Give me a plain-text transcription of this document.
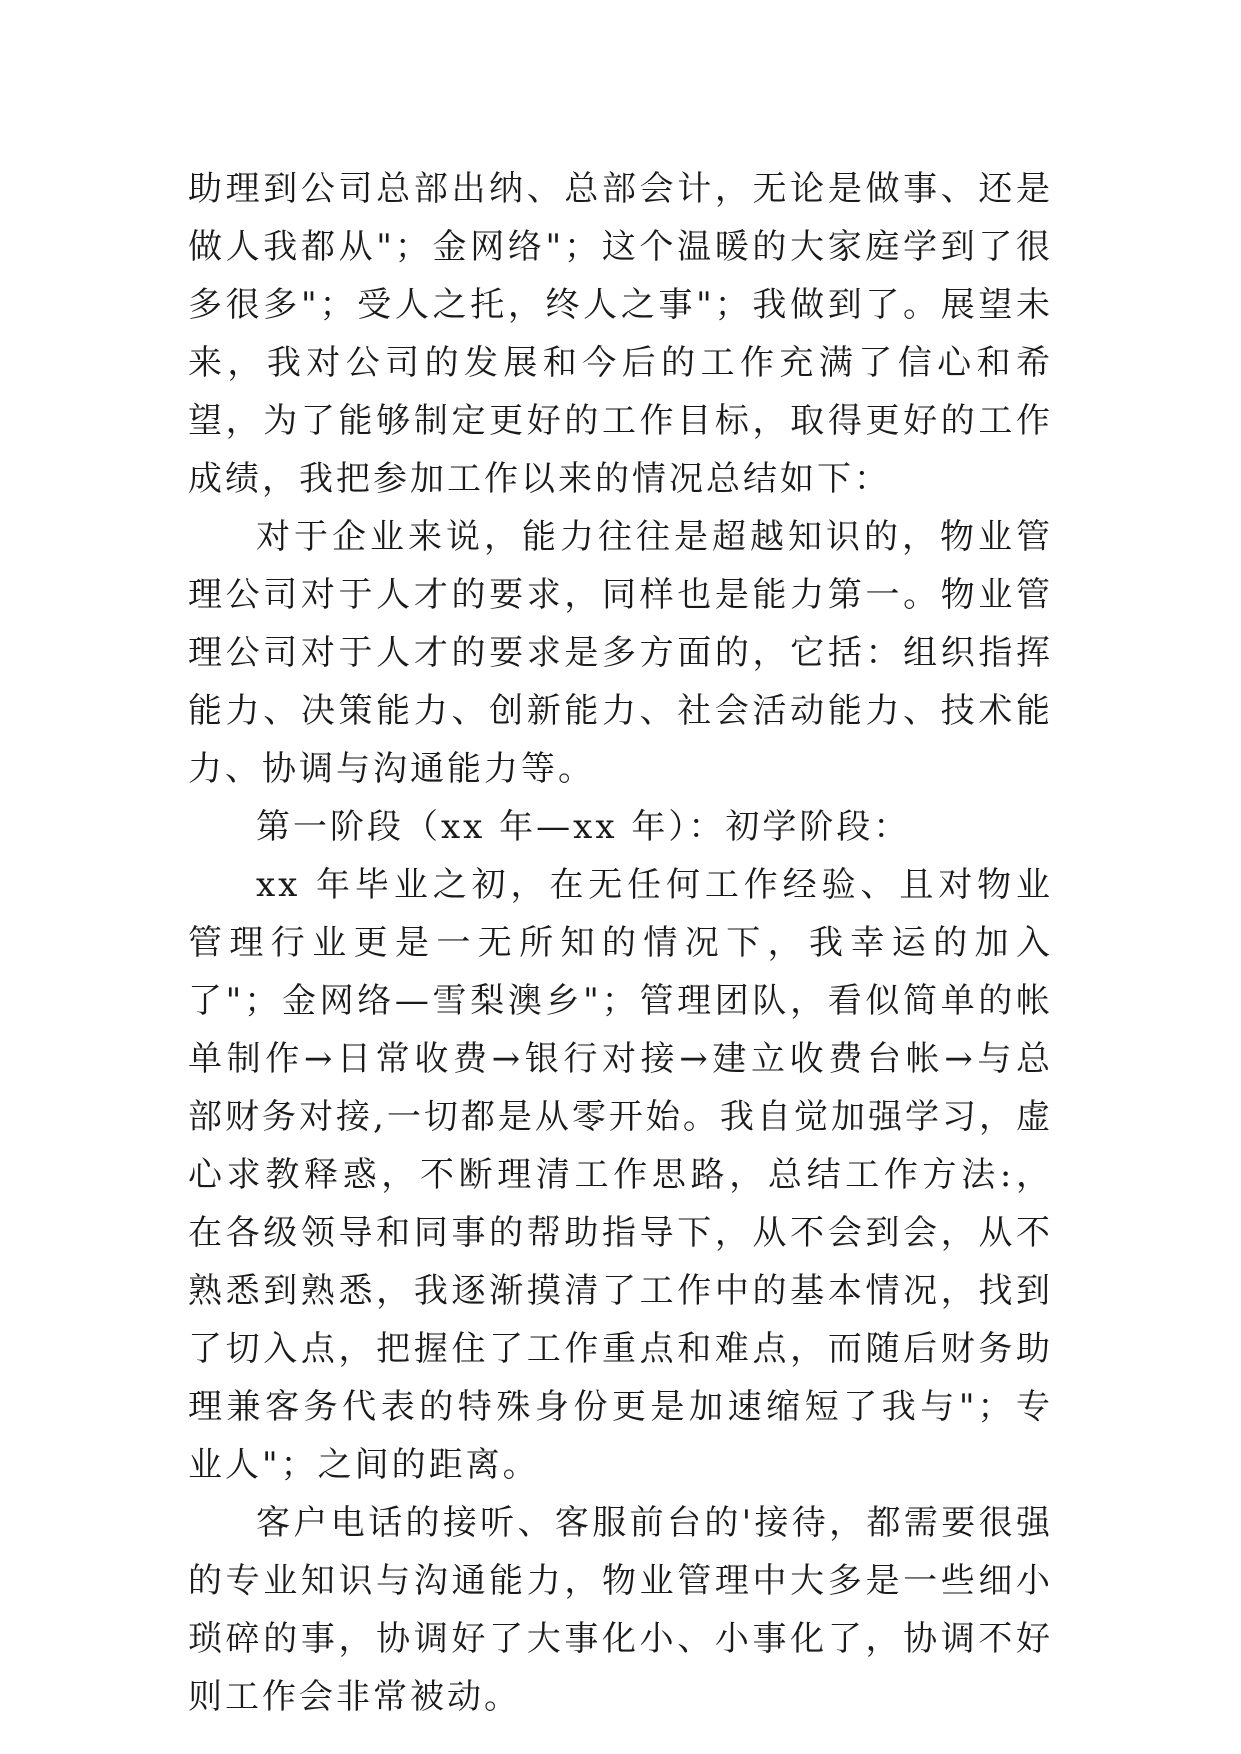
助理到公司总部出纳、总部会计，无论是做事、还是做人我都从"；金网络"；这个温暖的大家庭学到了很多很多"；受人之托，终人之事"；我做到了。展望未来，我对公司的发展和今后的工作充满了信心和希望，为了能够制定更好的工作目标，取得更好的工作成绩，我把参加工作以来的情况总结如下：

对于企业来说，能力往往是超越知识的，物业管理公司对于人才的要求，同样也是能力第一。物业管理公司对于人才的要求是多方面的，它括：组织指挥能力、决策能力、创新能力、社会活动能力、技术能力、协调与沟通能力等。

第一阶段（xx 年—xx 年）：初学阶段：

xx 年毕业之初，在无任何工作经验、且对物业管理行业更是一无所知的情况下，我幸运的加入了"；金网络—雪梨澳乡"；管理团队，看似简单的帐单制作→日常收费→银行对接→建立收费台帐→与总部财务对接,一切都是从零开始。我自觉加强学习，虚心求教释惑，不断理清工作思路，总结工作方法:，在各级领导和同事的帮助指导下，从不会到会，从不熟悉到熟悉，我逐渐摸清了工作中的基本情况，找到了切入点，把握住了工作重点和难点，而随后财务助理兼客务代表的特殊身份更是加速缩短了我与"；专业人"；之间的距离。

客户电话的接听、客服前台的'接待，都需要很强的专业知识与沟通能力，物业管理中大多是一些细小琐碎的事，协调好了大事化小、小事化了，协调不好则工作会非常被动。
